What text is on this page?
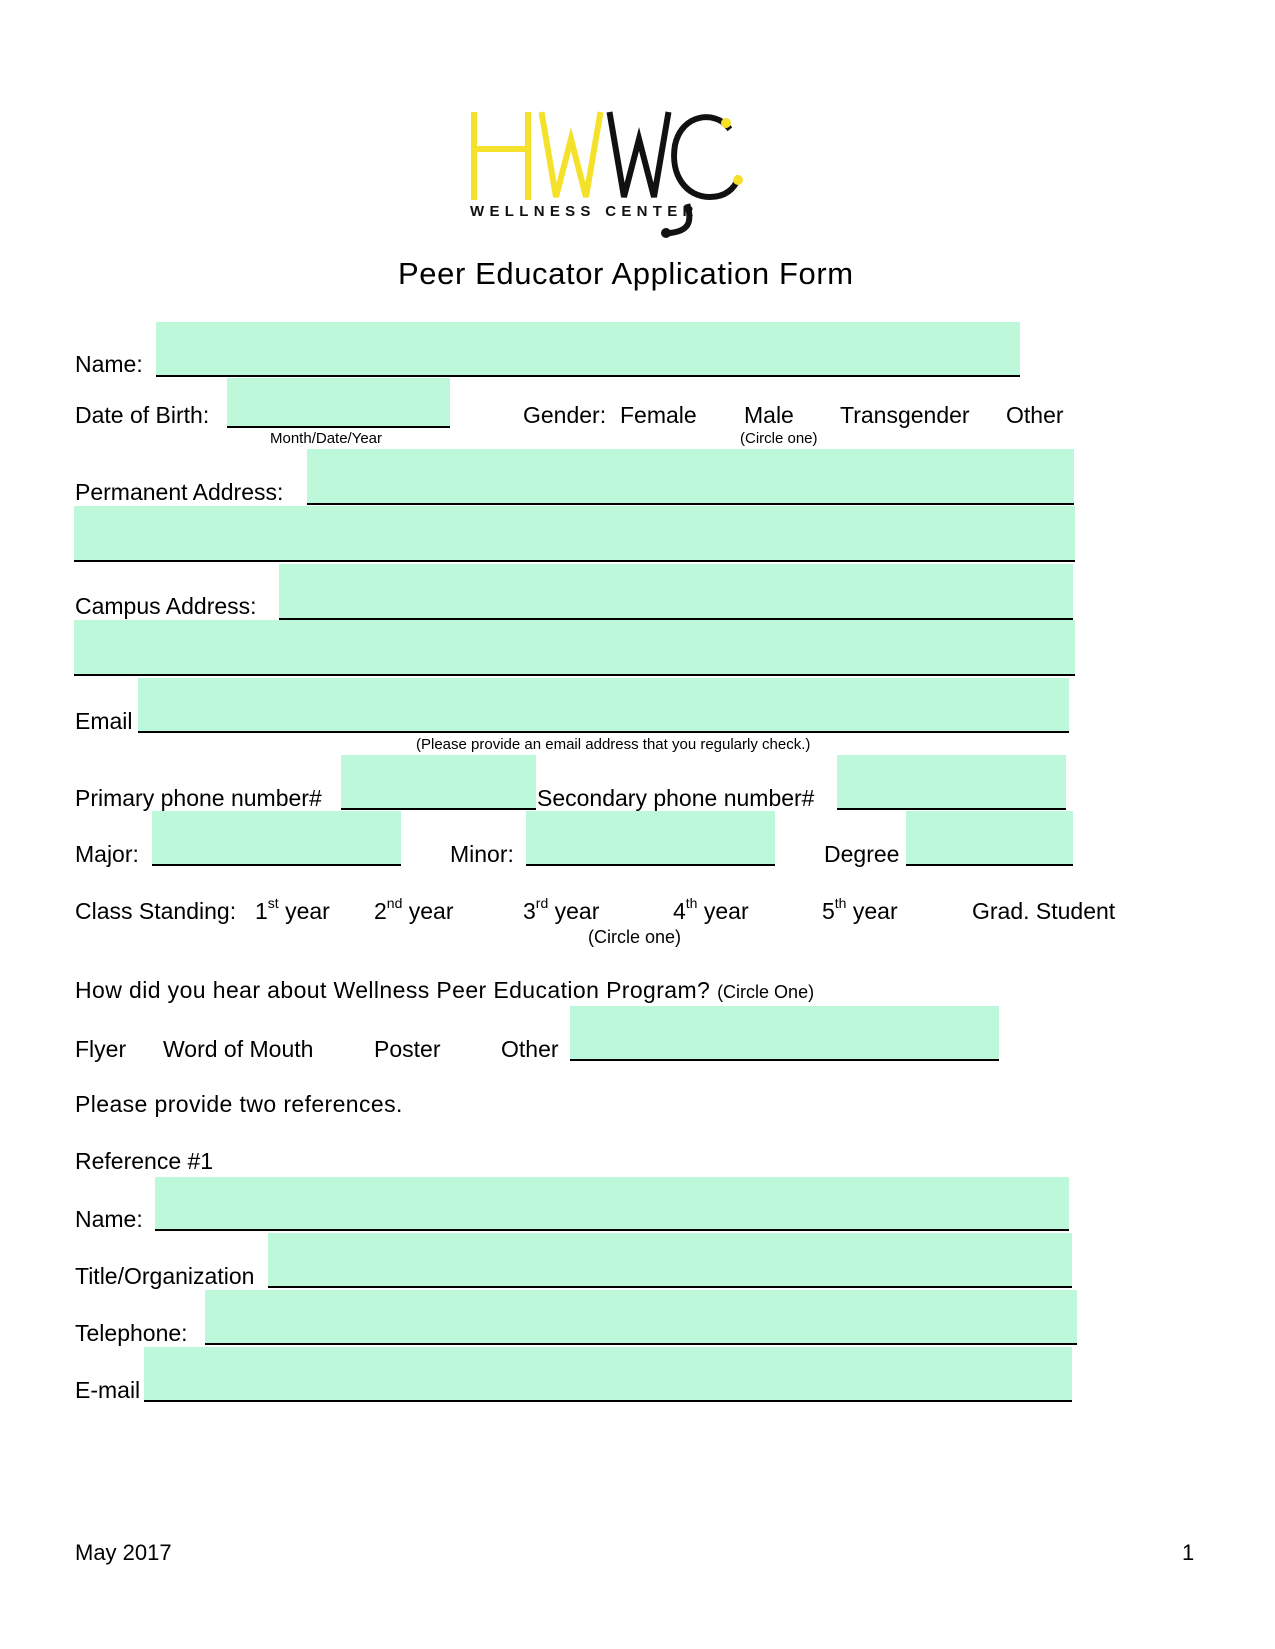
WELLNESS CENTER
Peer Educator Application Form
Name:
Date of Birth:
Month/Date/Year
Gender: Female Male Transgender Other
(Circle one)
Permanent Address:
Campus Address:
Email
(Please provide an email address that you regularly check.)
Primary phone number#	Secondary phone number#
Major:	Minor:	Degree
Class Standing: 1st year 2nd year	3rd year	4th year	5th year	Grad. Student
(Circle one)
How did you hear about Wellness Peer Education Program? (Circle One)
Flyer Word of Mouth	Poster	Other
Please provide two references.
Reference #1
Name:
Title/Organization
Telephone:
E-mail
May 2017	1
